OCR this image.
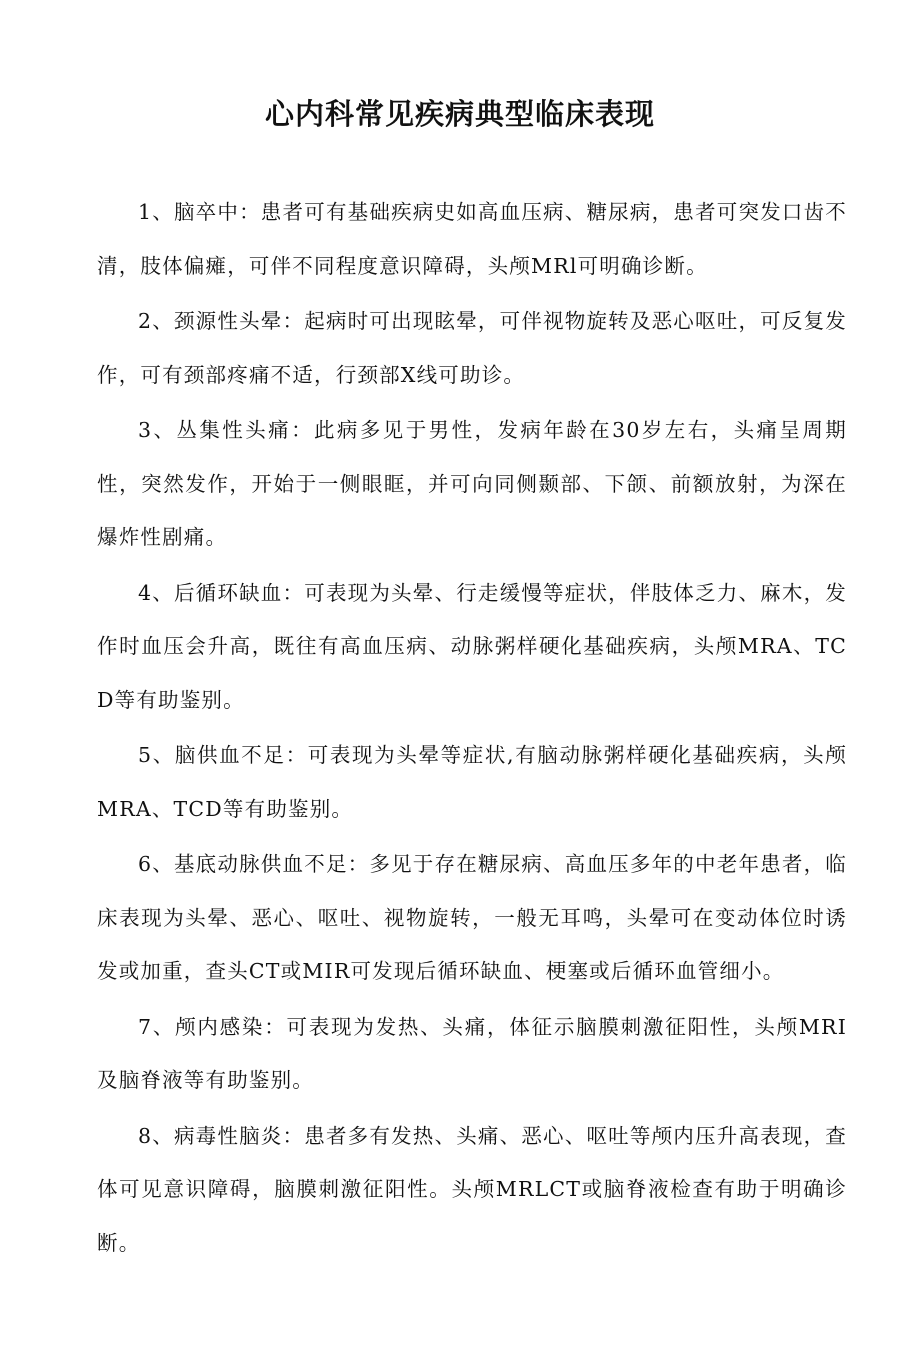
心内科常见疾病典型临床表现

1、脑卒中：患者可有基础疾病史如高血压病、糖尿病，患者可突发口齿不清，肢体偏瘫，可伴不同程度意识障碍，头颅MRl可明确诊断。

2、颈源性头晕：起病时可出现眩晕，可伴视物旋转及恶心呕吐，可反复发作，可有颈部疼痛不适，行颈部X线可助诊。

3、丛集性头痛：此病多见于男性，发病年龄在30岁左右，头痛呈周期性，突然发作，开始于一侧眼眶，并可向同侧颞部、下颌、前额放射，为深在爆炸性剧痛。

4、后循环缺血：可表现为头晕、行走缓慢等症状，伴肢体乏力、麻木，发作时血压会升高，既往有高血压病、动脉粥样硬化基础疾病，头颅MRA、TCD等有助鉴别。

5、脑供血不足：可表现为头晕等症状,有脑动脉粥样硬化基础疾病，头颅MRA、TCD等有助鉴别。

6、基底动脉供血不足：多见于存在糖尿病、高血压多年的中老年患者，临床表现为头晕、恶心、呕吐、视物旋转，一般无耳鸣，头晕可在变动体位时诱发或加重，查头CT或MIR可发现后循环缺血、梗塞或后循环血管细小。

7、颅内感染：可表现为发热、头痛，体征示脑膜刺激征阳性，头颅MRI及脑脊液等有助鉴别。

8、病毒性脑炎：患者多有发热、头痛、恶心、呕吐等颅内压升高表现，查体可见意识障碍，脑膜刺激征阳性。头颅MRLCT或脑脊液检查有助于明确诊断。
